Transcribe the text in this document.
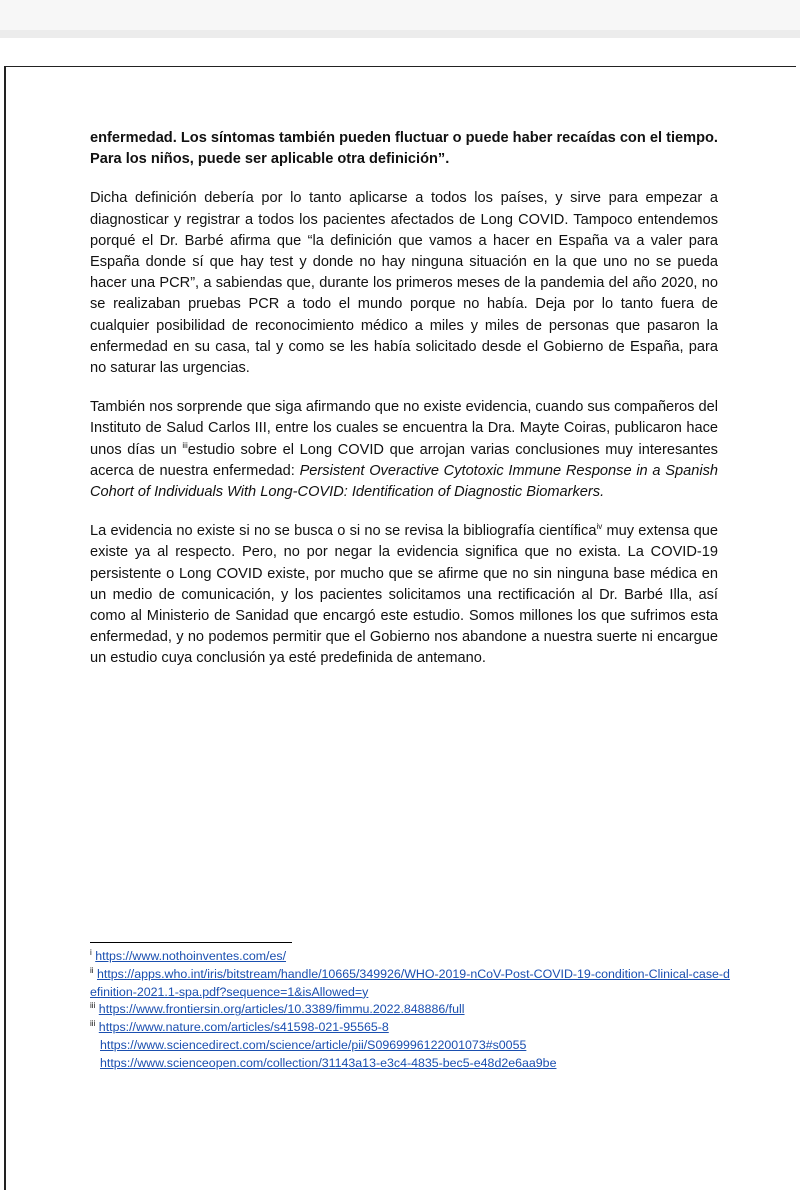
enfermedad. Los síntomas también pueden fluctuar o puede haber recaídas con el tiempo. Para los niños, puede ser aplicable otra definición”.

Dicha definición debería por lo tanto aplicarse a todos los países, y sirve para empezar a diagnosticar y registrar a todos los pacientes afectados de Long COVID. Tampoco entendemos porqué el Dr. Barbé afirma que “la definición que vamos a hacer en España va a valer para España donde sí que hay test y donde no hay ninguna situación en la que uno no se pueda hacer una PCR”, a sabiendas que, durante los primeros meses de la pandemia del año 2020, no se realizaban pruebas PCR a todo el mundo porque no había. Deja por lo tanto fuera de cualquier posibilidad de reconocimiento médico a miles y miles de personas que pasaron la enfermedad en su casa, tal y como se les había solicitado desde el Gobierno de España, para no saturar las urgencias.

También nos sorprende que siga afirmando que no existe evidencia, cuando sus compañeros del Instituto de Salud Carlos III, entre los cuales se encuentra la Dra. Mayte Coiras, publicaron hace unos días un $^{iii}$estudio sobre el Long COVID que arrojan varias conclusiones muy interesantes acerca de nuestra enfermedad: Persistent Overactive Cytotoxic Immune Response in a Spanish Cohort of Individuals With Long-COVID: Identification of Diagnostic Biomarkers.

La evidencia no existe si no se busca o si no se revisa la bibliografía científica$^{iv}$ muy extensa que existe ya al respecto. Pero, no por negar la evidencia significa que no exista. La COVID-19 persistente o Long COVID existe, por mucho que se afirme que no sin ninguna base médica en un medio de comunicación, y los pacientes solicitamos una rectificación al Dr. Barbé Illa, así como al Ministerio de Sanidad que encargó este estudio. Somos millones los que sufrimos esta enfermedad, y no podemos permitir que el Gobierno nos abandone a nuestra suerte ni encargue un estudio cuya conclusión ya esté predefinida de antemano.

$^i$ https://www.nothoinventes.com/es/
$^{ii}$ https://apps.who.int/iris/bitstream/handle/10665/349926/WHO-2019-nCoV-Post-COVID-19-condition-Clinical-case-definition-2021.1-spa.pdf?sequence=1&isAllowed=y
$^{iii}$ https://www.frontiersin.org/articles/10.3389/fimmu.2022.848886/full
$^{iii}$ https://www.nature.com/articles/s41598-021-95565-8
https://www.sciencedirect.com/science/article/pii/S0969996122001073#s0055
https://www.scienceopen.com/collection/31143a13-e3c4-4835-bec5-e48d2e6aa9be
